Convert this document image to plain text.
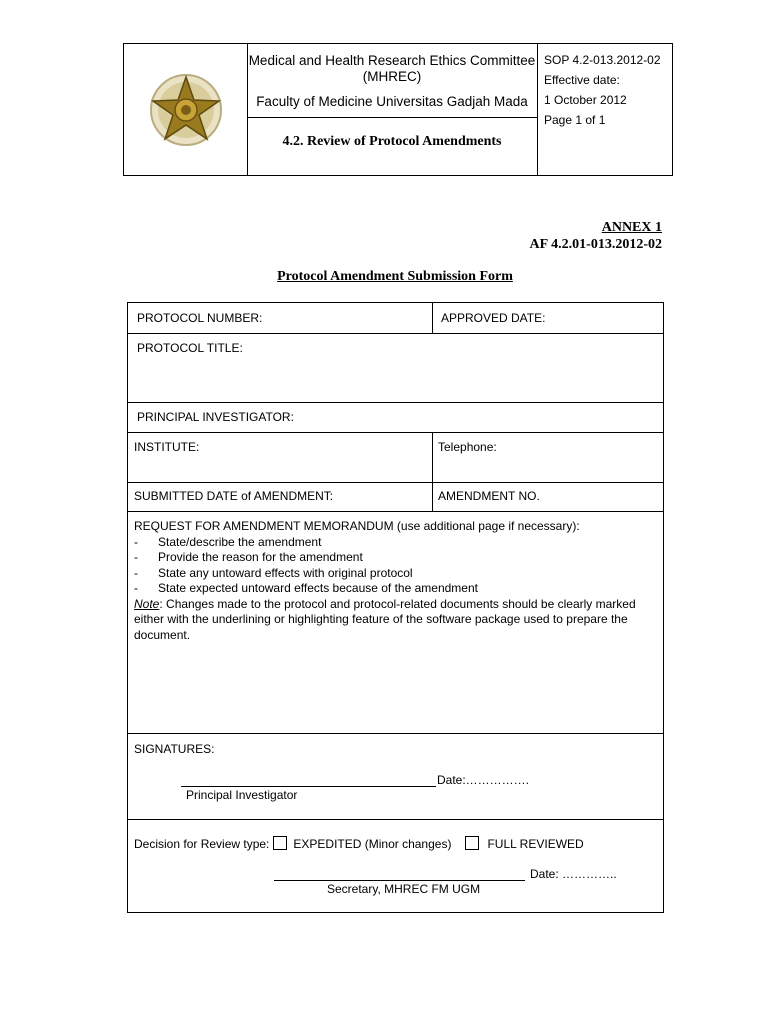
Medical and Health Research Ethics Committee
(MHREC)
Faculty of Medicine Universitas Gadjah Mada
4.2. Review of Protocol Amendments
SOP 4.2-013.2012-02
Effective date:
1 October 2012
Page 1 of 1
ANNEX 1
AF 4.2.01-013.2012-02
Protocol Amendment Submission Form
PROTOCOL NUMBER:	APPROVED DATE:
PROTOCOL TITLE:
PRINCIPAL INVESTIGATOR:
INSTITUTE:	Telephone:
SUBMITTED DATE of AMENDMENT:	AMENDMENT NO.
REQUEST FOR AMENDMENT MEMORANDUM (use additional page if necessary):
-	State/describe the amendment
-	Provide the reason for the amendment
-	State any untoward effects with original protocol
-	State expected untoward effects because of the amendment
Note: Changes made to the protocol and protocol-related documents should be clearly marked either with the underlining or highlighting feature of the software package used to prepare the document.
SIGNATURES:
Date:…………….
Principal Investigator
Decision for Review type: EXPEDITED (Minor changes)	FULL REVIEWED
Date: …………..
Secretary, MHREC FM UGM
